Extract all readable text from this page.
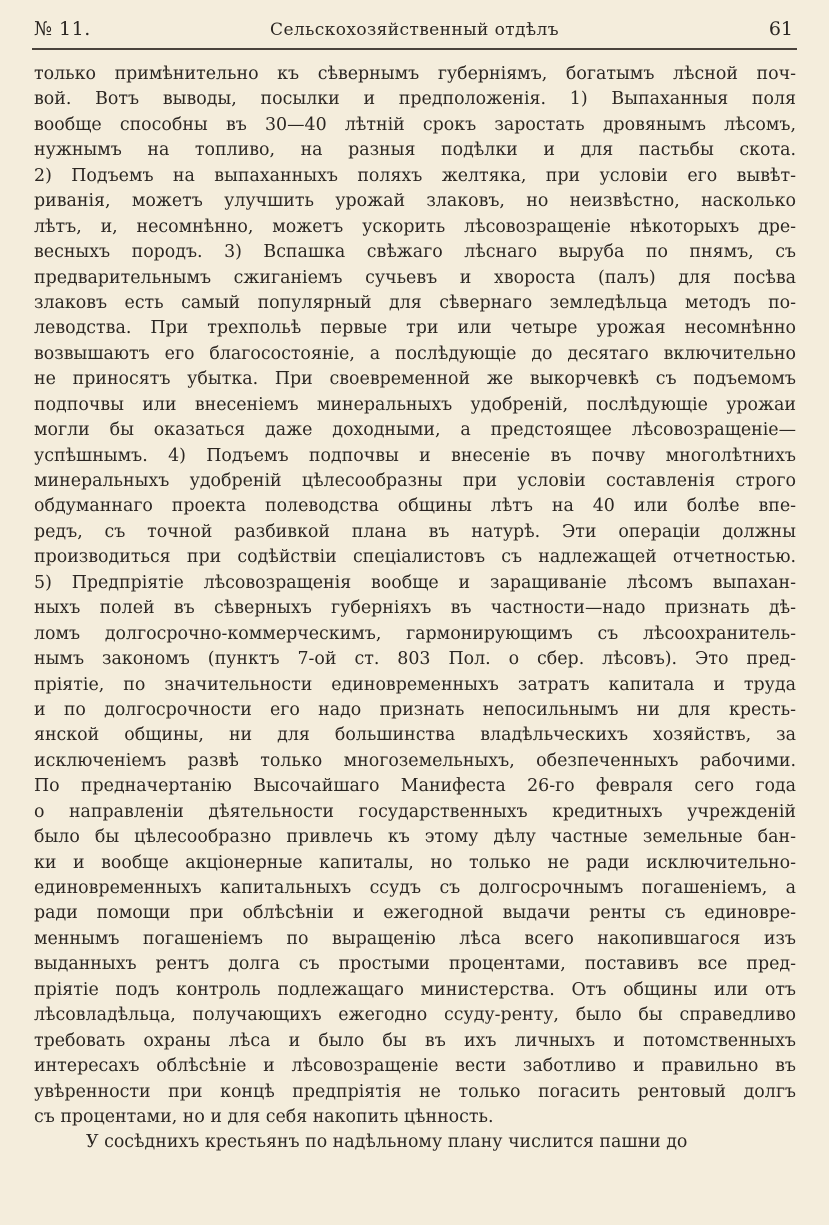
№ 11.	Сельскохозяйственный отдѣлъ	61
только примѣнительно къ сѣвернымъ губерніямъ, богатымъ лѣсной поч-
вой. Вотъ выводы, посылки и предположенія. 1) Выпаханныя поля
вообще способны въ 30—40 лѣтній срокъ заростать дровянымъ лѣсомъ,
нужнымъ на топливо, на разныя подѣлки и для пастьбы скота.
2) Подъемъ на выпаханныхъ поляхъ желтяка, при условіи его вывѣт-
риванія, можетъ улучшить урожай злаковъ, но неизвѣстно, насколько
лѣтъ, и, несомнѣнно, можетъ ускорить лѣсовозращеніе нѣкоторыхъ дре-
весныхъ породъ. 3) Вспашка свѣжаго лѣснаго выруба по пнямъ, съ
предварительнымъ сжиганіемъ сучьевъ и хвороста (палъ) для посѣва
злаковъ есть самый популярный для сѣвернаго земледѣльца методъ по-
леводства. При трехпольѣ первые три или четыре урожая несомнѣнно
возвышаютъ его благосостояніе, а послѣдующіе до десятаго включительно
не приносятъ убытка. При своевременной же выкорчевкѣ съ подъемомъ
подпочвы или внесеніемъ минеральныхъ удобреній, послѣдующіе урожаи
могли бы оказаться даже доходными, а предстоящее лѣсовозращеніе—
успѣшнымъ. 4) Подъемъ подпочвы и внесеніе въ почву многолѣтнихъ
минеральныхъ удобреній цѣлесообразны при условіи составленія строго
обдуманнаго проекта полеводства общины лѣтъ на 40 или болѣе впе-
редъ, съ точной разбивкой плана въ натурѣ. Эти операціи должны
производиться при содѣйствіи спеціалистовъ съ надлежащей отчетностью.
5) Предпріятіе лѣсовозращенія вообще и заращиваніе лѣсомъ выпахан-
ныхъ полей въ сѣверныхъ губерніяхъ въ частности—надо признать дѣ-
ломъ долгосрочно-коммерческимъ, гармонирующимъ съ лѣсоохранитель-
нымъ закономъ (пунктъ 7-ой ст. 803 Пол. о сбер. лѣсовъ). Это пред-
пріятіе, по значительности единовременныхъ затратъ капитала и труда
и по долгосрочности его надо признать непосильнымъ ни для кресть-
янской общины, ни для большинства владѣльческихъ хозяйствъ, за
исключеніемъ развѣ только многоземельныхъ, обезпеченныхъ рабочими.
По предначертанію Высочайшаго Манифеста 26-го февраля сего года
о направленіи дѣятельности государственныхъ кредитныхъ учрежденій
было бы цѣлесообразно привлечь къ этому дѣлу частные земельные бан-
ки и вообще акціонерные капиталы, но только не ради исключительно-
единовременныхъ капитальныхъ ссудъ съ долгосрочнымъ погашеніемъ, а
ради помощи при облѣсѣніи и ежегодной выдачи ренты съ единовре-
меннымъ погашеніемъ по выращенію лѣса всего накопившагося изъ
выданныхъ рентъ долга съ простыми процентами, поставивъ все пред-
пріятіе подъ контроль подлежащаго министерства. Отъ общины или отъ
лѣсовладѣльца, получающихъ ежегодно ссуду-ренту, было бы справедливо
требовать охраны лѣса и было бы въ ихъ личныхъ и потомственныхъ
интересахъ облѣсѣніе и лѣсовозращеніе вести заботливо и правильно въ
увѣренности при концѣ предпріятія не только погасить рентовый долгъ
съ процентами, но и для себя накопить цѣнность.
У сосѣднихъ крестьянъ по надѣльному плану числится пашни до
